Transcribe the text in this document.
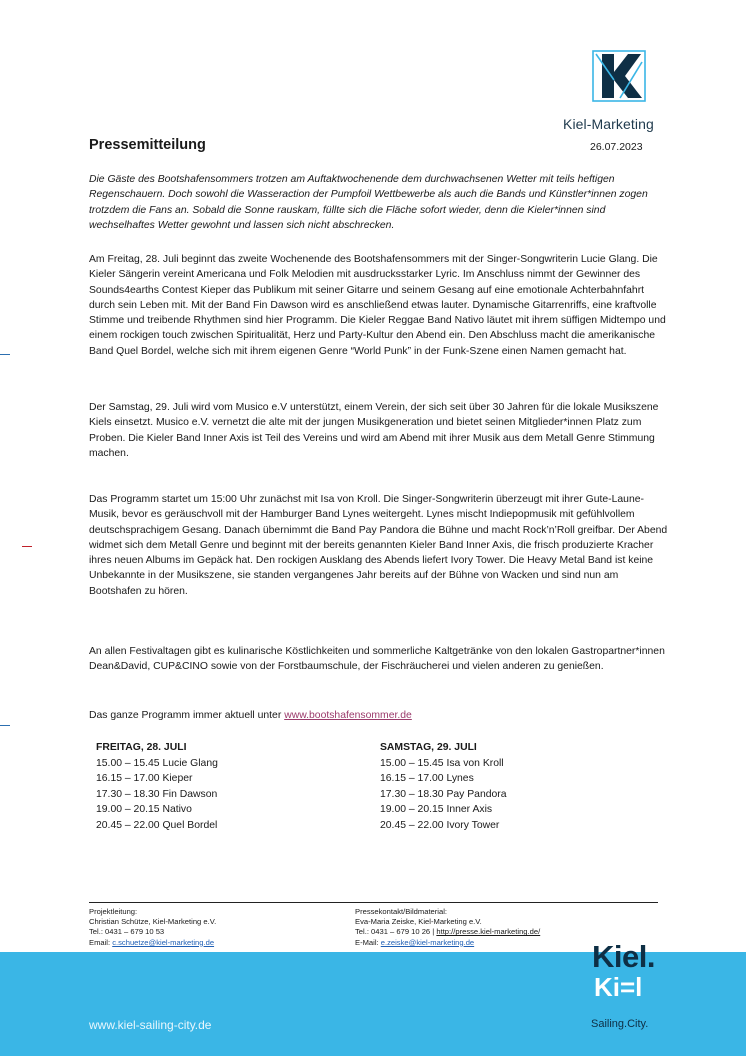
Kiel-Marketing
Pressemitteilung	26.07.2023

Die Gäste des Bootshafensommers trotzen am Auftaktwochenende dem durchwachsenen Wetter mit teils heftigen Regenschauern. Doch sowohl die Wasseraction der Pumpfoil Wettbewerbe als auch die Bands und Künstler*innen zogen trotzdem die Fans an. Sobald die Sonne rauskam, füllte sich die Fläche sofort wieder, denn die Kieler*innen sind wechselhaftes Wetter gewohnt und lassen sich nicht abschrecken.

Am Freitag, 28. Juli beginnt das zweite Wochenende des Bootshafensommers mit der Singer-Songwriterin Lucie Glang. Die Kieler Sängerin vereint Americana und Folk Melodien mit ausdrucksstarker Lyric. Im Anschluss nimmt der Gewinner des Sounds4earths Contest Kieper das Publikum mit seiner Gitarre und seinem Gesang auf eine emotionale Achterbahnfahrt durch sein Leben mit. Mit der Band Fin Dawson wird es anschließend etwas lauter. Dynamische Gitarrenriffs, eine kraftvolle Stimme und treibende Rhythmen sind hier Programm. Die Kieler Reggae Band Nativo läutet mit ihrem süffigen Midtempo und einem rockigen touch zwischen Spiritualität, Herz und Party-Kultur den Abend ein. Den Abschluss macht die amerikanische Band Quel Bordel, welche sich mit ihrem eigenen Genre “World Punk” in der Funk-Szene einen Namen gemacht hat.

Der Samstag, 29. Juli wird vom Musico e.V unterstützt, einem Verein, der sich seit über 30 Jahren für die lokale Musikszene Kiels einsetzt. Musico e.V. vernetzt die alte mit der jungen Musikgeneration und bietet seinen Mitglieder*innen Platz zum Proben. Die Kieler Band Inner Axis ist Teil des Vereins und wird am Abend mit ihrer Musik aus dem Metall Genre Stimmung machen.

Das Programm startet um 15:00 Uhr zunächst mit Isa von Kroll. Die Singer-Songwriterin überzeugt mit ihrer Gute-Laune-Musik, bevor es geräuschvoll mit der Hamburger Band Lynes weitergeht. Lynes mischt Indiepopmusik mit gefühlvollem deutschsprachigem Gesang. Danach übernimmt die Band Pay Pandora die Bühne und macht Rock’n’Roll greifbar. Der Abend widmet sich dem Metall Genre und beginnt mit der bereits genannten Kieler Band Inner Axis, die frisch produzierte Kracher ihres neuen Albums im Gepäck hat. Den rockigen Ausklang des Abends liefert Ivory Tower. Die Heavy Metal Band ist keine Unbekannte in der Musikszene, sie standen vergangenes Jahr bereits auf der Bühne von Wacken und sind nun am Bootshafen zu hören.

An allen Festivaltagen gibt es kulinarische Köstlichkeiten und sommerliche Kaltgetränke von den lokalen Gastropartner*innen Dean&David, CUP&CINO sowie von der Forstbaumschule, der Fischräucherei und vielen anderen zu genießen.

Das ganze Programm immer aktuell unter www.bootshafensommer.de

FREITAG, 28. JULI
15.00 – 15.45 Lucie Glang
16.15 – 17.00 Kieper
17.30 – 18.30 Fin Dawson
19.00 – 20.15 Nativo
20.45 – 22.00 Quel Bordel
SAMSTAG, 29. JULI
15.00 – 15.45 Isa von Kroll
16.15 – 17.00 Lynes
17.30 – 18.30 Pay Pandora
19.00 – 20.15 Inner Axis
20.45 – 22.00 Ivory Tower
Projektleitung:
Christian Schütze, Kiel-Marketing e.V.
Tel.: 0431 – 679 10 53
Email: c.schuetze@kiel-marketing.de
Pressekontakt/Bildmaterial:
Eva-Maria Zeiske, Kiel-Marketing e.V.
Tel.: 0431 – 679 10 26 | http://presse.kiel-marketing.de/
E-Mail: e.zeiske@kiel-marketing.de
www.kiel-sailing-city.de
Kiel.
Ki=l
Sailing.City.
